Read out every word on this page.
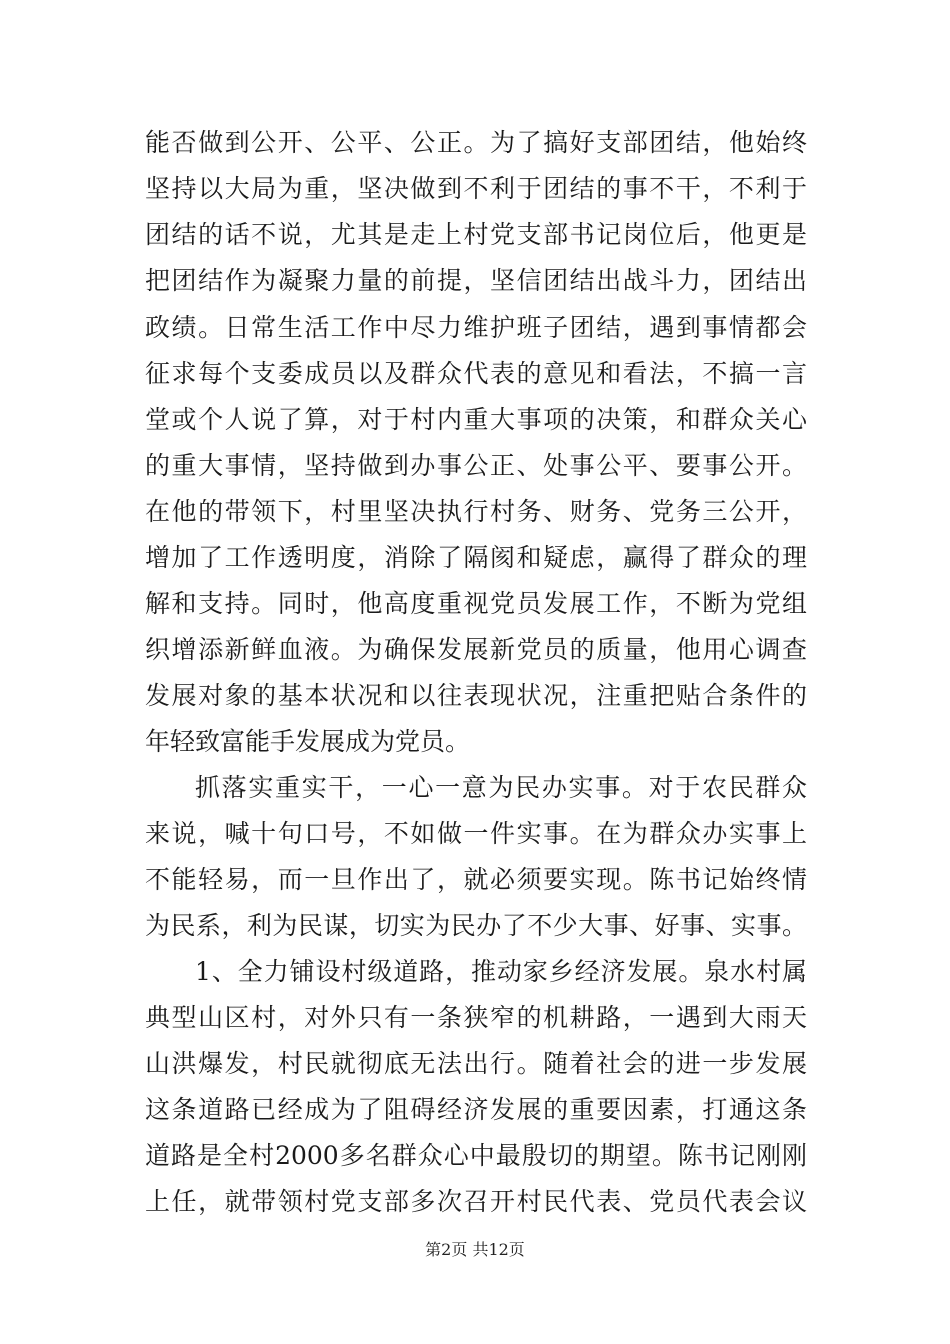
能否做到公开、公平、公正。为了搞好支部团结，他始终
坚持以大局为重，坚决做到不利于团结的事不干，不利于
团结的话不说，尤其是走上村党支部书记岗位后，他更是
把团结作为凝聚力量的前提，坚信团结出战斗力，团结出
政绩。日常生活工作中尽力维护班子团结，遇到事情都会
征求每个支委成员以及群众代表的意见和看法，不搞一言
堂或个人说了算，对于村内重大事项的决策，和群众关心
的重大事情，坚持做到办事公正、处事公平、要事公开。
在他的带领下，村里坚决执行村务、财务、党务三公开，
增加了工作透明度，消除了隔阂和疑虑，赢得了群众的理
解和支持。同时，他高度重视党员发展工作，不断为党组
织增添新鲜血液。为确保发展新党员的质量，他用心调查
发展对象的基本状况和以往表现状况，注重把贴合条件的
年轻致富能手发展成为党员。
抓落实重实干，一心一意为民办实事。对于农民群众
来说，喊十句口号，不如做一件实事。在为群众办实事上
不能轻易，而一旦作出了，就必须要实现。陈书记始终情
为民系，利为民谋，切实为民办了不少大事、好事、实事。
1、全力铺设村级道路，推动家乡经济发展。泉水村属
典型山区村，对外只有一条狭窄的机耕路，一遇到大雨天
山洪爆发，村民就彻底无法出行。随着社会的进一步发展
这条道路已经成为了阻碍经济发展的重要因素，打通这条
道路是全村2000多名群众心中最殷切的期望。陈书记刚刚
上任，就带领村党支部多次召开村民代表、党员代表会议
第2页 共12页
